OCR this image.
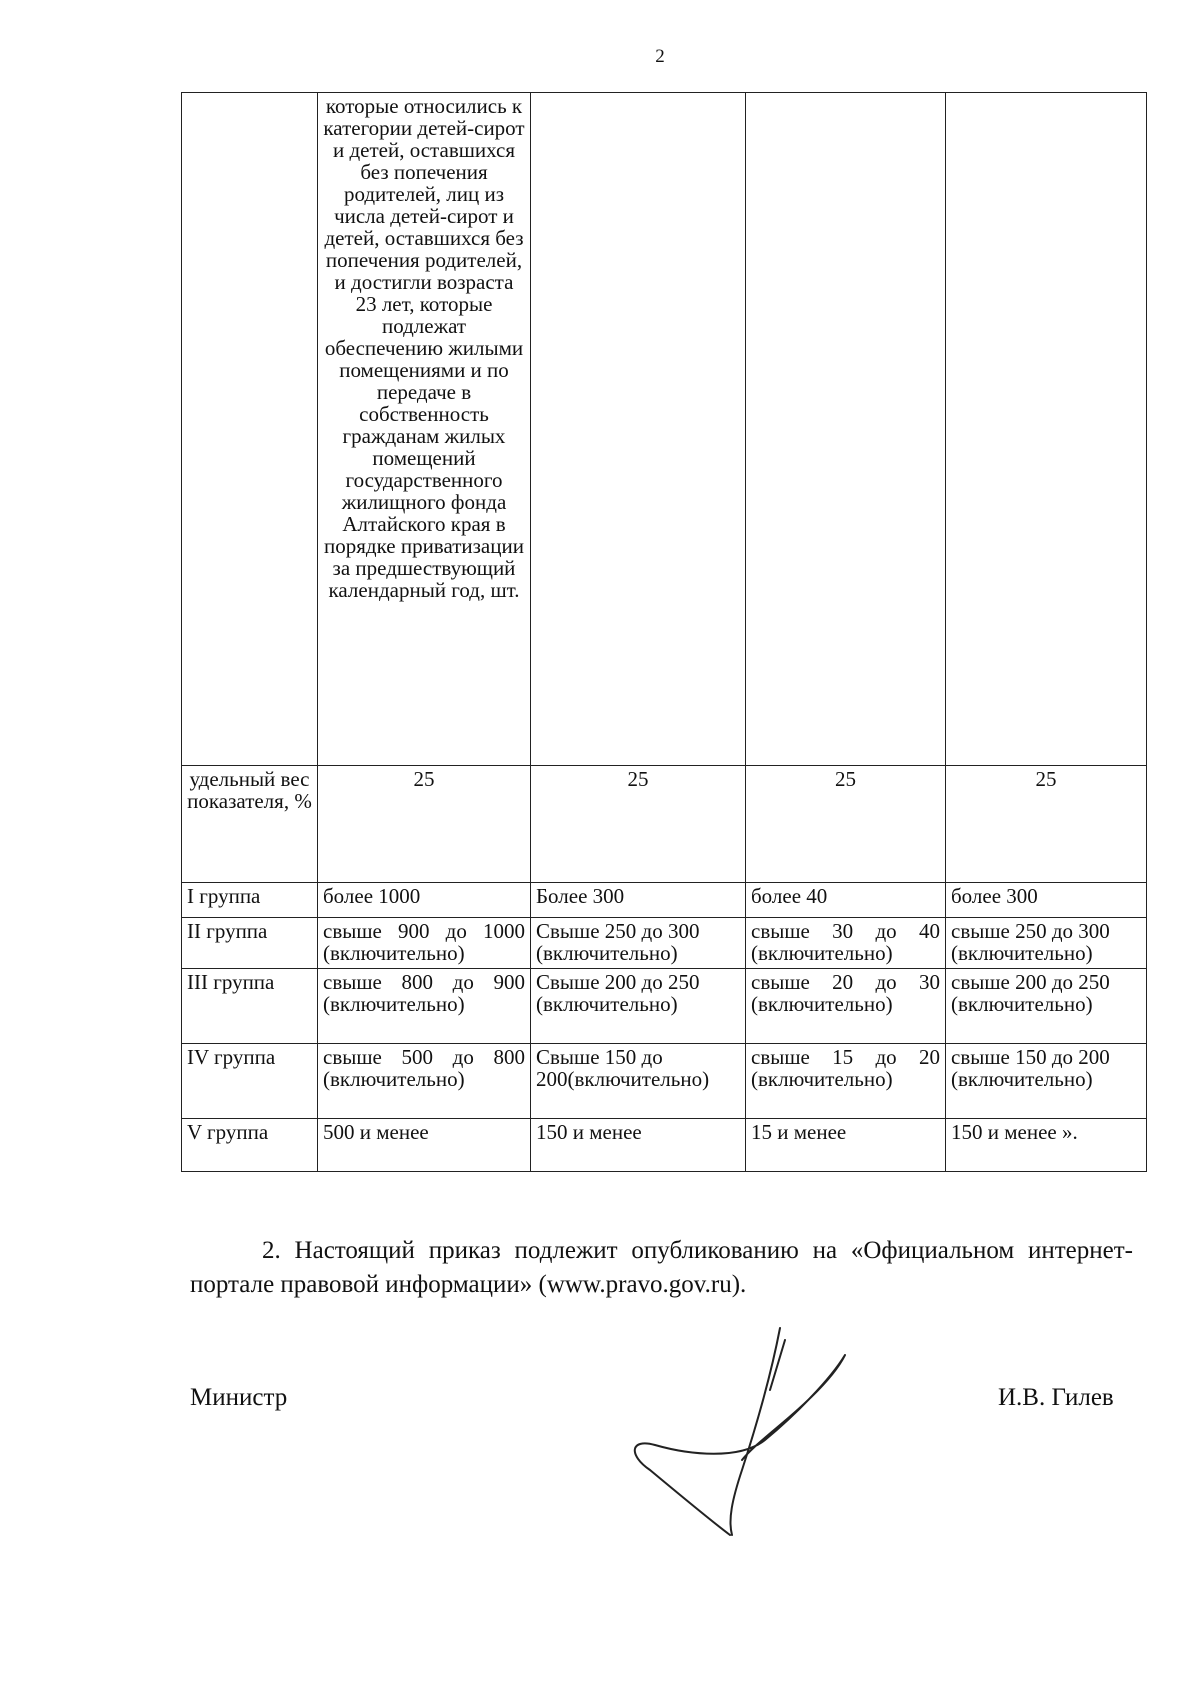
2
	которые относились к категории детей-сирот и детей, оставшихся без попечения родителей, лиц из числа детей-сирот и детей, оставшихся без попечения родителей, и достигли возраста 23 лет, которые подлежат обеспечению жилыми помещениями и по передаче в собственность гражданам жилых помещений государственного жилищного фонда Алтайского края в порядке приватизации за предшествующий календарный год, шт.			
удельный вес показателя, %	25	25	25	25
I группа	более 1000	Более 300	более 40	более 300
II группа	свыше 900 до 1000 (включительно)	Свыше 250 до 300 (включительно)	свыше 30 до 40 (включительно)	свыше 250 до 300 (включительно)
III группа	свыше 800 до 900 (включительно)	Свыше 200 до 250 (включительно)	свыше 20 до 30 (включительно)	свыше 200 до 250 (включительно)
IV группа	свыше 500 до 800 (включительно)	Свыше 150 до 200(включительно)	свыше 15 до 20 (включительно)	свыше 150 до 200 (включительно)
V группа	500 и менее	150 и менее	15 и менее	150 и менее ».
2. Настоящий приказ подлежит опубликованию на «Официальном интернет-портале правовой информации» (www.pravo.gov.ru).
Министр	И.В. Гилев
